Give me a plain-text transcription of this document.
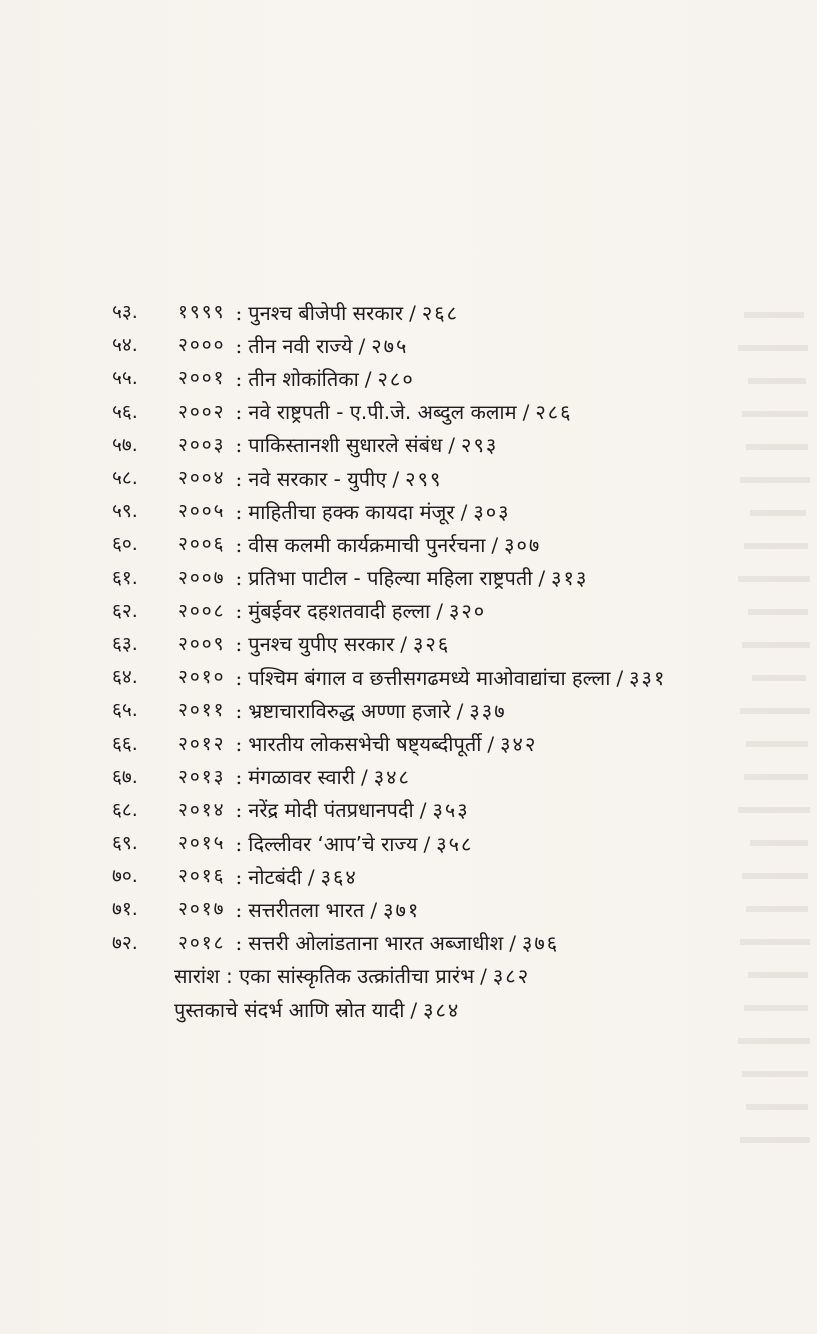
५३.	१९९९ : पुनश्च बीजेपी सरकार / २६८
५४.	२००० : तीन नवी राज्ये / २७५
५५.	२००१ : तीन शोकांतिका / २८०
५६.	२००२ : नवे राष्ट्रपती - ए.पी.जे. अब्दुल कलाम / २८६
५७.	२००३ : पाकिस्तानशी सुधारले संबंध / २९३
५८.	२००४ : नवे सरकार - युपीए / २९९
५९.	२००५ : माहितीचा हक्क कायदा मंजूर / ३०३
६०.	२००६ : वीस कलमी कार्यक्रमाची पुनर्रचना / ३०७
६१.	२००७ : प्रतिभा पाटील - पहिल्या महिला राष्ट्रपती / ३१३
६२.	२००८ : मुंबईवर दहशतवादी हल्ला / ३२०
६३.	२००९ : पुनश्च युपीए सरकार / ३२६
६४.	२०१० : पश्चिम बंगाल व छत्तीसगढमध्ये माओवाद्यांचा हल्ला / ३३१
६५.	२०११ : भ्रष्टाचाराविरुद्ध अण्णा हजारे / ३३७
६६.	२०१२ : भारतीय लोकसभेची षष्ट्यब्दीपूर्ती / ३४२
६७.	२०१३ : मंगळावर स्वारी / ३४८
६८.	२०१४ : नरेंद्र मोदी पंतप्रधानपदी / ३५३
६९.	२०१५ : दिल्लीवर ‘आप’चे राज्य / ३५८
७०.	२०१६ : नोटबंदी / ३६४
७१.	२०१७ : सत्तरीतला भारत / ३७१
७२.	२०१८ : सत्तरी ओलांडताना भारत अब्जाधीश / ३७६
सारांश : एका सांस्कृतिक उत्क्रांतीचा प्रारंभ / ३८२
पुस्तकाचे संदर्भ आणि स्रोत यादी / ३८४
